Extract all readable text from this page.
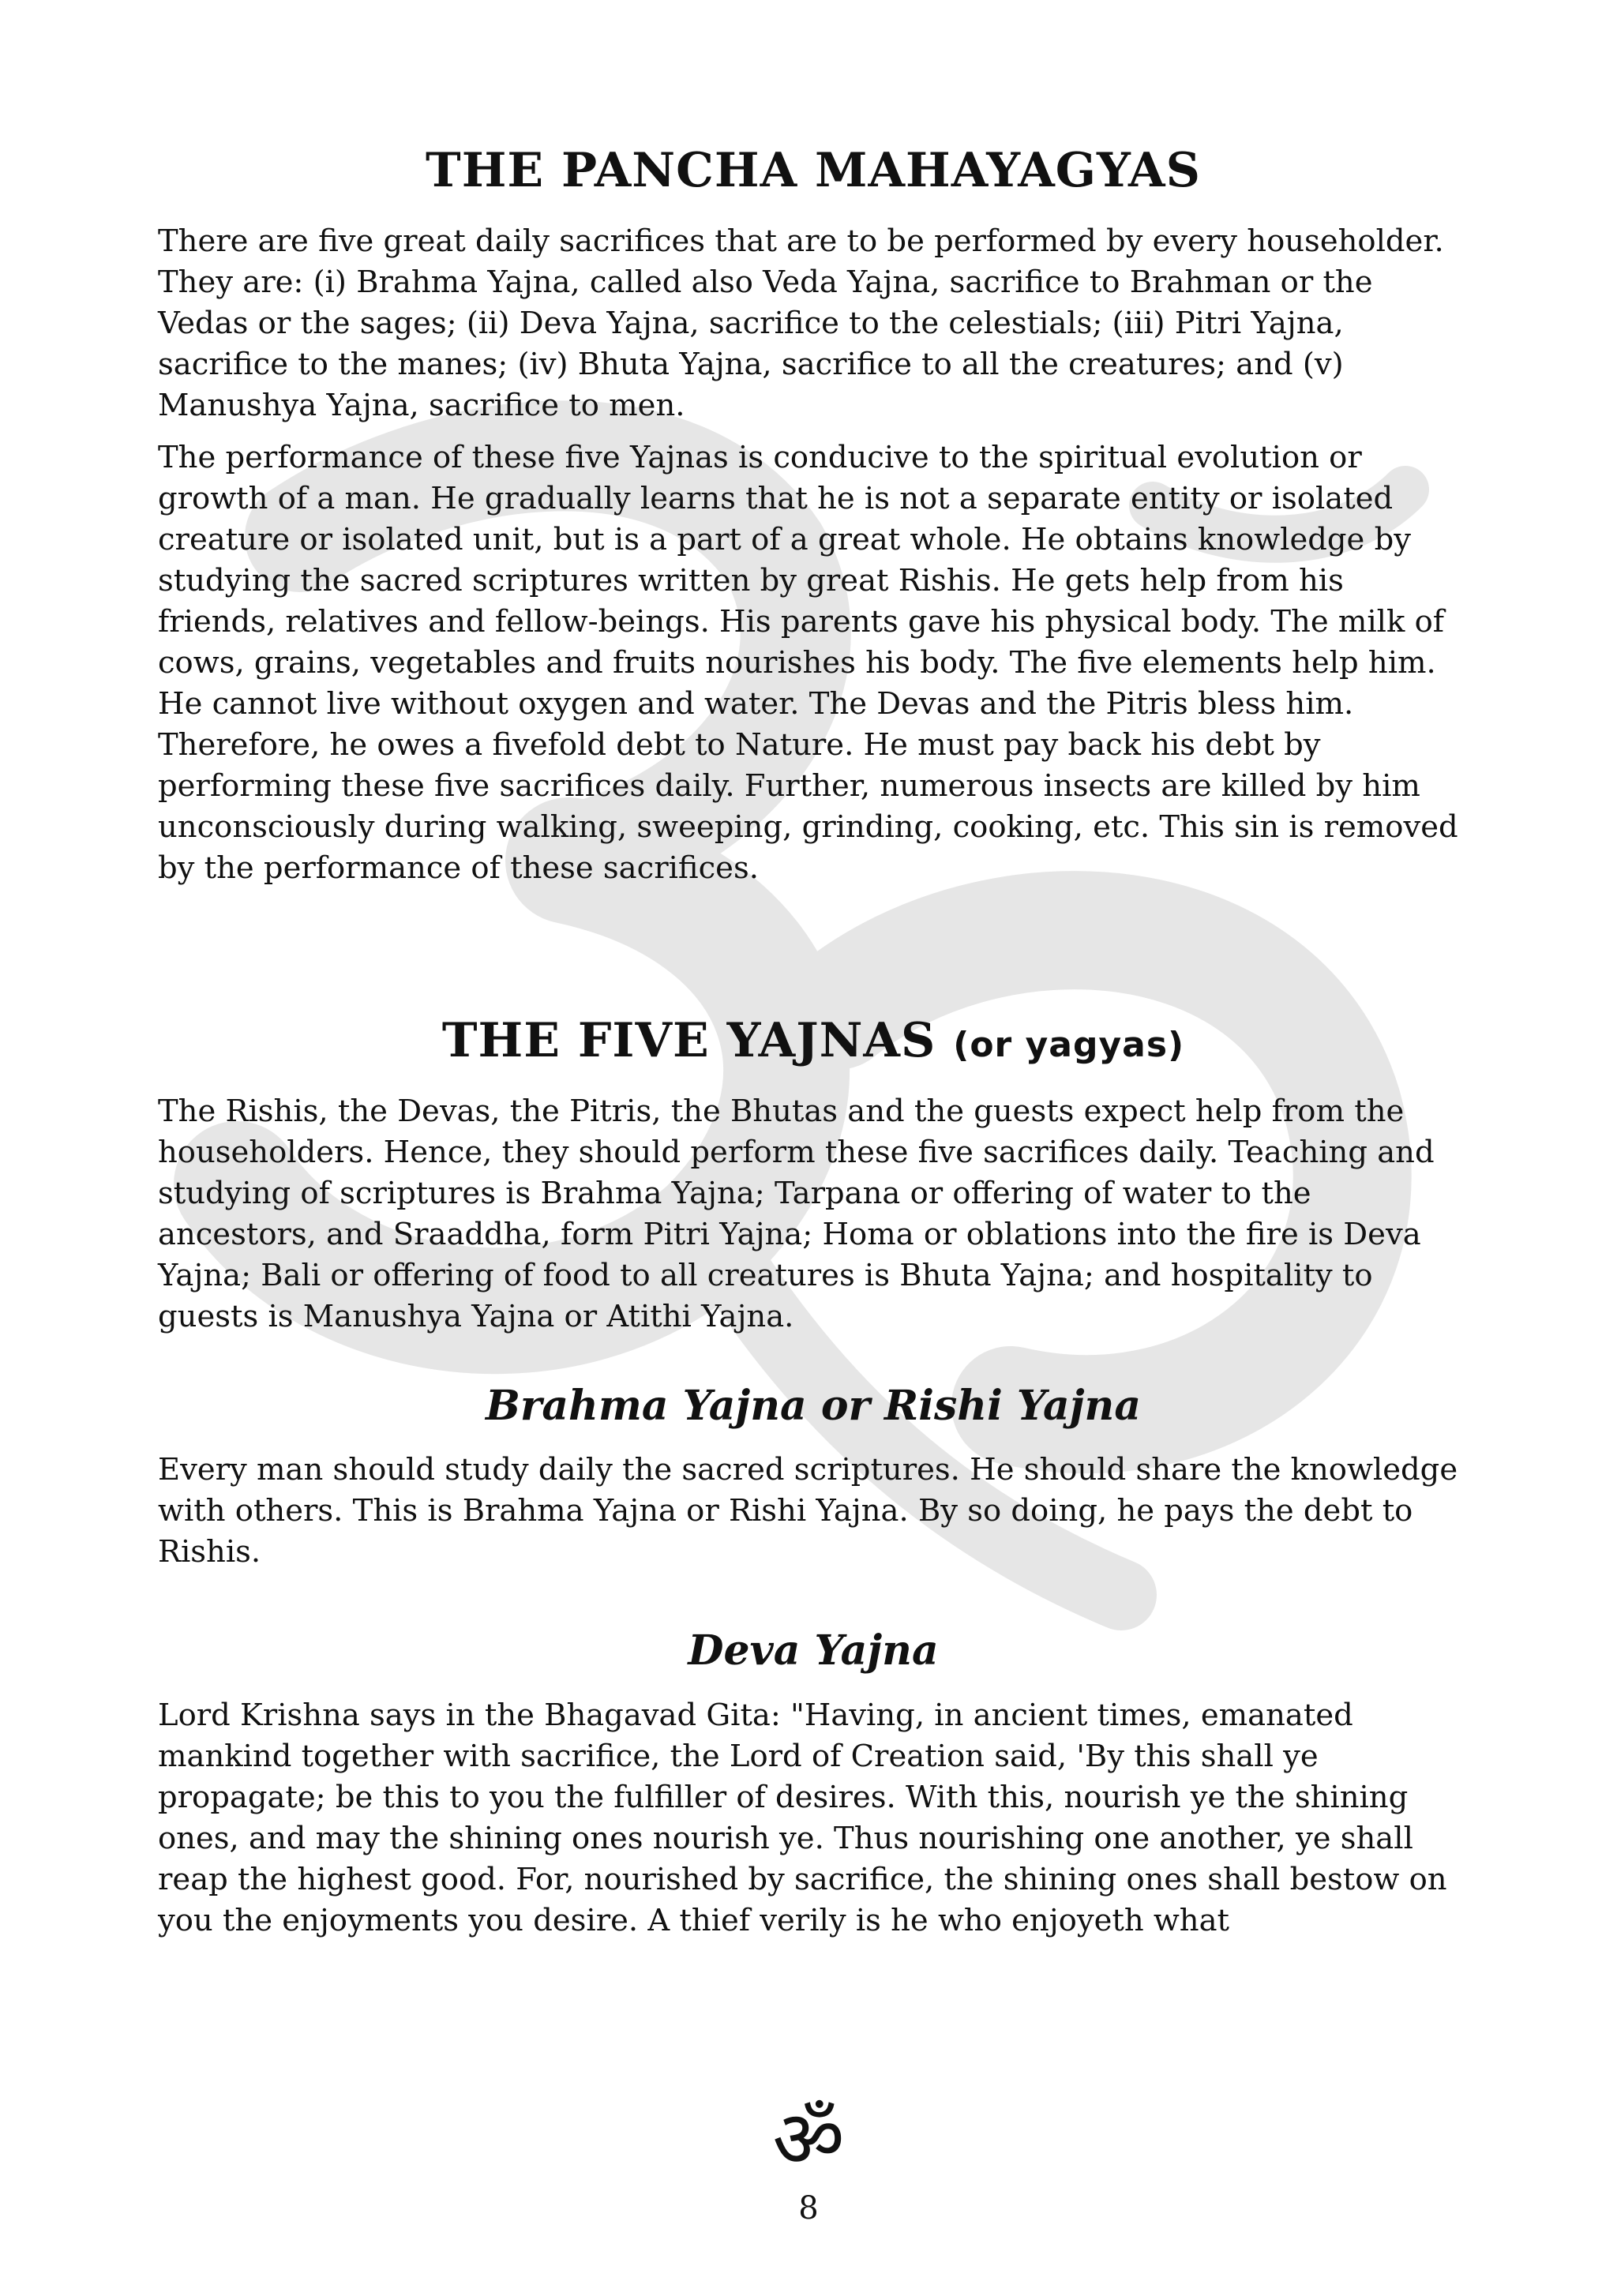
THE PANCHA MAHAYAGYAS

There are five great daily sacrifices that are to be performed by every householder. They are: (i) Brahma Yajna, called also Veda Yajna, sacrifice to Brahman or the Vedas or the sages; (ii) Deva Yajna, sacrifice to the celestials; (iii) Pitri Yajna, sacrifice to the manes; (iv) Bhuta Yajna, sacrifice to all the creatures; and (v) Manushya Yajna, sacrifice to men.

The performance of these five Yajnas is conducive to the spiritual evolution or growth of a man. He gradually learns that he is not a separate entity or isolated creature or isolated unit, but is a part of a great whole. He obtains knowledge by studying the sacred scriptures written by great Rishis. He gets help from his friends, relatives and fellow-beings. His parents gave his physical body. The milk of cows, grains, vegetables and fruits nourishes his body. The five elements help him. He cannot live without oxygen and water. The Devas and the Pitris bless him. Therefore, he owes a fivefold debt to Nature. He must pay back his debt by performing these five sacrifices daily. Further, numerous insects are killed by him unconsciously during walking, sweeping, grinding, cooking, etc. This sin is removed by the performance of these sacrifices.

THE FIVE YAJNAS (or yagyas)

The Rishis, the Devas, the Pitris, the Bhutas and the guests expect help from the householders. Hence, they should perform these five sacrifices daily. Teaching and studying of scriptures is Brahma Yajna; Tarpana or offering of water to the ancestors, and Sraaddha, form Pitri Yajna; Homa or oblations into the fire is Deva Yajna; Bali or offering of food to all creatures is Bhuta Yajna; and hospitality to guests is Manushya Yajna or Atithi Yajna.

Brahma Yajna or Rishi Yajna

Every man should study daily the sacred scriptures. He should share the knowledge with others. This is Brahma Yajna or Rishi Yajna. By so doing, he pays the debt to Rishis.

Deva Yajna

Lord Krishna says in the Bhagavad Gita: "Having, in ancient times, emanated mankind together with sacrifice, the Lord of Creation said, 'By this shall ye propagate; be this to you the fulfiller of desires. With this, nourish ye the shining ones, and may the shining ones nourish ye. Thus nourishing one another, ye shall reap the highest good. For, nourished by sacrifice, the shining ones shall bestow on you the enjoyments you desire. A thief verily is he who enjoyeth what

ॐ
8
